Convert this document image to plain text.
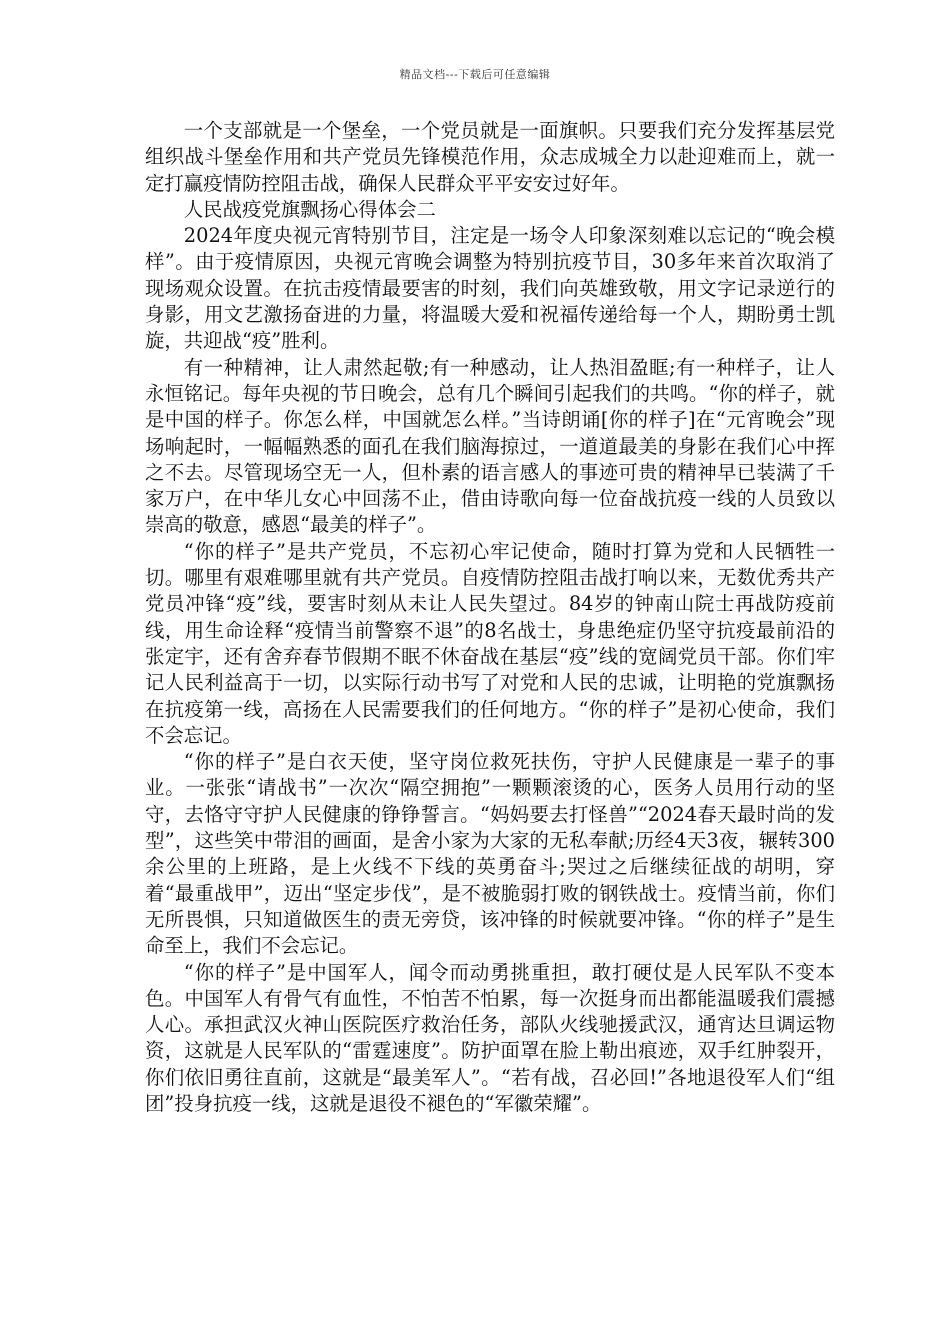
精品文档---下载后可任意编辑

一个支部就是一个堡垒，一个党员就是一面旗帜。只要我们充分发挥基层党组织战斗堡垒作用和共产党员先锋模范作用，众志成城全力以赴迎难而上，就一定打赢疫情防控阻击战，确保人民群众平平安安过好年。

人民战疫党旗飘扬心得体会二

2024年度央视元宵特别节目，注定是一场令人印象深刻难以忘记的“晚会模样”。由于疫情原因，央视元宵晚会调整为特别抗疫节目，30多年来首次取消了现场观众设置。在抗击疫情最要害的时刻，我们向英雄致敬，用文字记录逆行的身影，用文艺激扬奋进的力量，将温暖大爱和祝福传递给每一个人，期盼勇士凯旋，共迎战“疫”胜利。

有一种精神，让人肃然起敬;有一种感动，让人热泪盈眶;有一种样子，让人永恒铭记。每年央视的节日晚会，总有几个瞬间引起我们的共鸣。“你的样子，就是中国的样子。你怎么样，中国就怎么样。”当诗朗诵[你的样子]在“元宵晚会”现场响起时，一幅幅熟悉的面孔在我们脑海掠过，一道道最美的身影在我们心中挥之不去。尽管现场空无一人，但朴素的语言感人的事迹可贵的精神早已装满了千家万户，在中华儿女心中回荡不止，借由诗歌向每一位奋战抗疫一线的人员致以崇高的敬意，感恩“最美的样子”。

“你的样子”是共产党员，不忘初心牢记使命，随时打算为党和人民牺牲一切。哪里有艰难哪里就有共产党员。自疫情防控阻击战打响以来，无数优秀共产党员冲锋“疫”线，要害时刻从未让人民失望过。84岁的钟南山院士再战防疫前线，用生命诠释“疫情当前警察不退”的8名战士，身患绝症仍坚守抗疫最前沿的张定宇，还有舍弃春节假期不眠不休奋战在基层“疫”线的宽阔党员干部。你们牢记人民利益高于一切，以实际行动书写了对党和人民的忠诚，让明艳的党旗飘扬在抗疫第一线，高扬在人民需要我们的任何地方。“你的样子”是初心使命，我们不会忘记。

“你的样子”是白衣天使，坚守岗位救死扶伤，守护人民健康是一辈子的事业。一张张“请战书”一次次“隔空拥抱”一颗颗滚烫的心，医务人员用行动的坚守，去恪守守护人民健康的铮铮誓言。“妈妈要去打怪兽”“2024春天最时尚的发型”，这些笑中带泪的画面，是舍小家为大家的无私奉献;历经4天3夜，辗转300余公里的上班路，是上火线不下线的英勇奋斗;哭过之后继续征战的胡明，穿着“最重战甲”，迈出“坚定步伐”，是不被脆弱打败的钢铁战士。疫情当前，你们无所畏惧，只知道做医生的责无旁贷，该冲锋的时候就要冲锋。“你的样子”是生命至上，我们不会忘记。

“你的样子”是中国军人，闻令而动勇挑重担，敢打硬仗是人民军队不变本色。中国军人有骨气有血性，不怕苦不怕累，每一次挺身而出都能温暖我们震撼人心。承担武汉火神山医院医疗救治任务，部队火线驰援武汉，通宵达旦调运物资，这就是人民军队的“雷霆速度”。防护面罩在脸上勒出痕迹，双手红肿裂开，你们依旧勇往直前，这就是“最美军人”。“若有战，召必回!”各地退役军人们“组团”投身抗疫一线，这就是退役不褪色的“军徽荣耀”。
